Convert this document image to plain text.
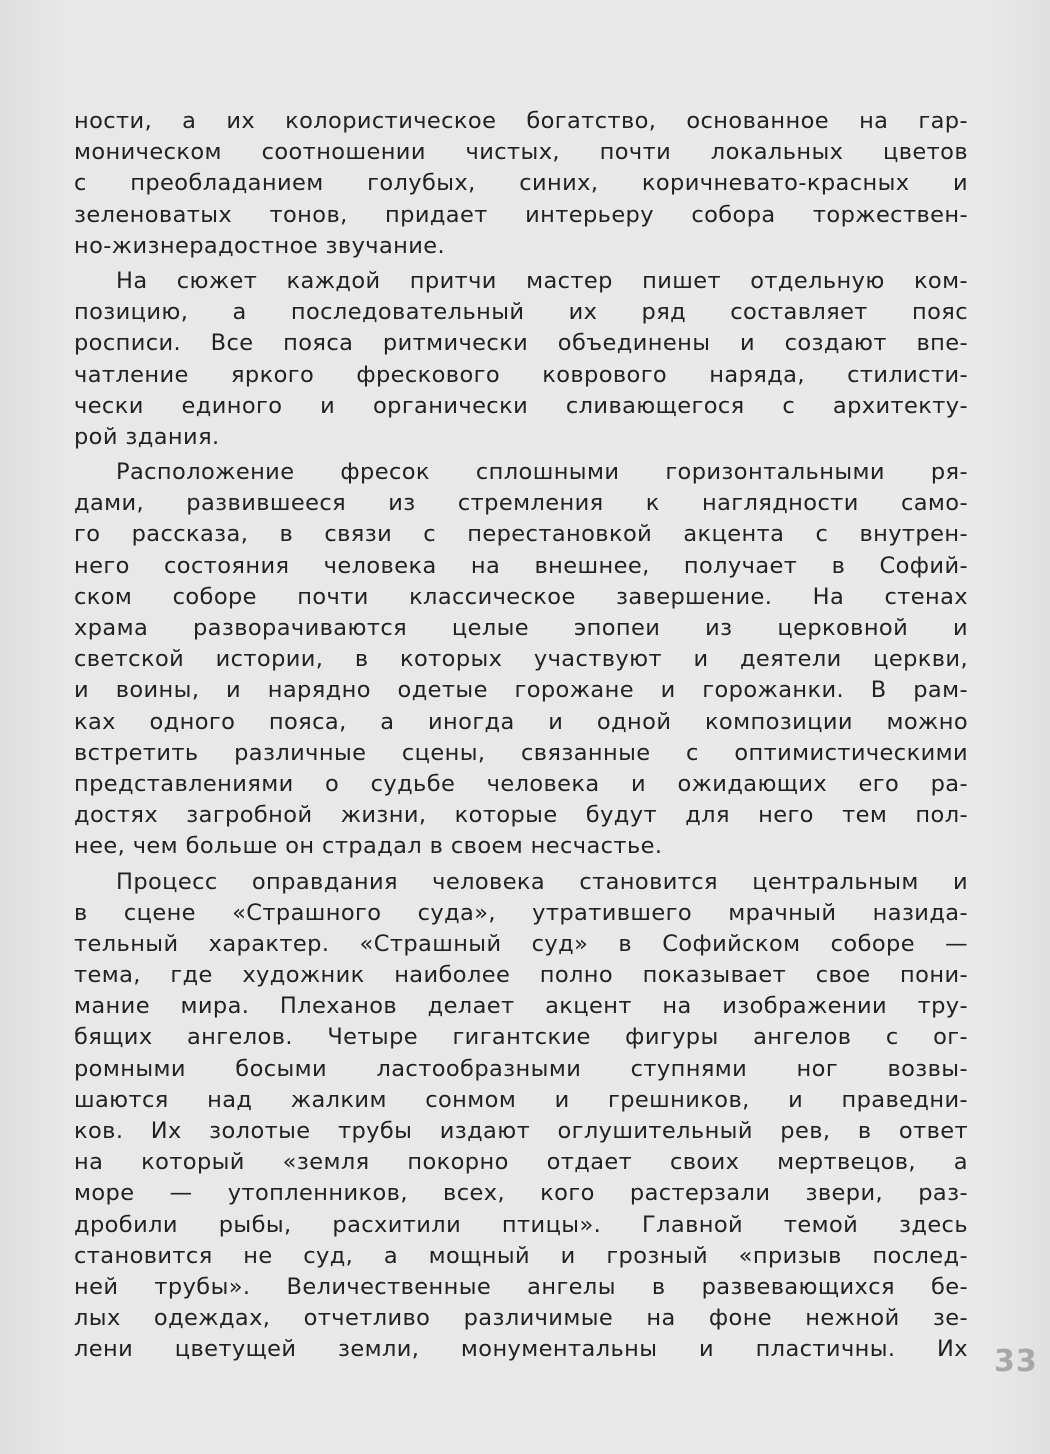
ности, а их колористическое богатство, основанное на гар-
моническом соотношении чистых, почти локальных цветов
с преобладанием голубых, синих, коричневато-красных и
зеленоватых тонов, придает интерьеру собора торжествен-
но-жизнерадостное звучание.
На сюжет каждой притчи мастер пишет отдельную ком-
позицию, а последовательный их ряд составляет пояс
росписи. Все пояса ритмически объединены и создают впе-
чатление яркого фрескового коврового наряда, стилисти-
чески единого и органически сливающегося с архитекту-
рой здания.
Расположение фресок сплошными горизонтальными ря-
дами, развившееся из стремления к наглядности само-
го рассказа, в связи с перестановкой акцента с внутрен-
него состояния человека на внешнее, получает в Софий-
ском соборе почти классическое завершение. На стенах
храма разворачиваются целые эпопеи из церковной и
светской истории, в которых участвуют и деятели церкви,
и воины, и нарядно одетые горожане и горожанки. В рам-
ках одного пояса, а иногда и одной композиции можно
встретить различные сцены, связанные с оптимистическими
представлениями о судьбе человека и ожидающих его ра-
достях загробной жизни, которые будут для него тем пол-
нее, чем больше он страдал в своем несчастье.
Процесс оправдания человека становится центральным и
в сцене «Страшного суда», утратившего мрачный назида-
тельный характер. «Страшный суд» в Софийском соборе —
тема, где художник наиболее полно показывает свое пони-
мание мира. Плеханов делает акцент на изображении тру-
бящих ангелов. Четыре гигантские фигуры ангелов с ог-
ромными босыми ластообразными ступнями ног возвы-
шаются над жалким сонмом и грешников, и праведни-
ков. Их золотые трубы издают оглушительный рев, в ответ
на который «земля покорно отдает своих мертвецов, а
море — утопленников, всех, кого растерзали звери, раз-
дробили рыбы, расхитили птицы». Главной темой здесь
становится не суд, а мощный и грозный «призыв послед-
ней трубы». Величественные ангелы в развевающихся бе-
лых одеждах, отчетливо различимые на фоне нежной зе-
лени цветущей земли, монументальны и пластичны. Их 33
